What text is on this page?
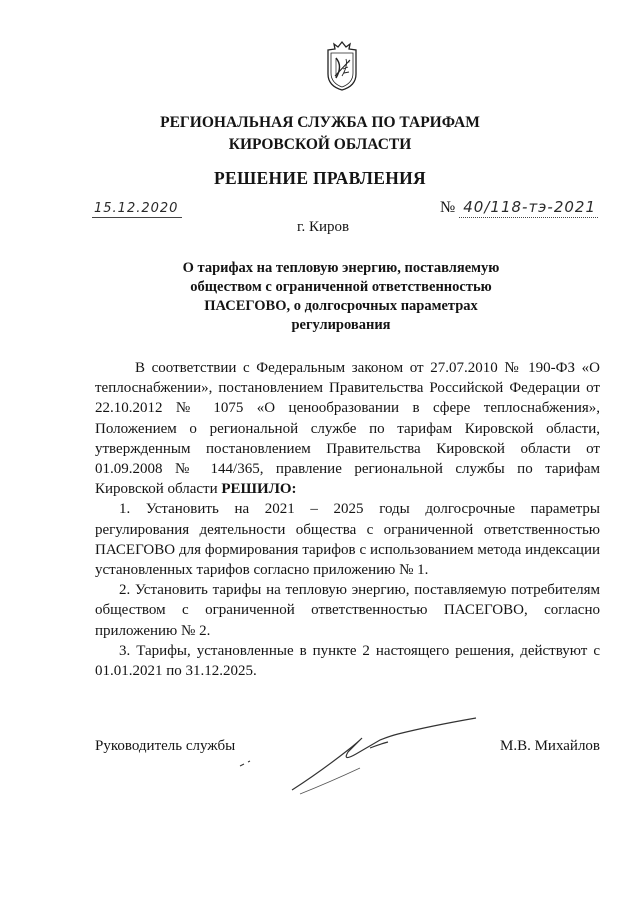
РЕГИОНАЛЬНАЯ СЛУЖБА ПО ТАРИФАМ
КИРОВСКОЙ ОБЛАСТИ
РЕШЕНИЕ ПРАВЛЕНИЯ
15.12.2020	№ 40/118-тэ-2021
г. Киров
О тарифах на тепловую энергию, поставляемую
обществом с ограниченной ответственностью
ПАСЕГОВО, о долгосрочных параметрах
регулирования

В соответствии с Федеральным законом от 27.07.2010 № 190-ФЗ «О теплоснабжении», постановлением Правительства Российской Федерации от 22.10.2012 № 1075 «О ценообразовании в сфере теплоснабжения», Положением о региональной службе по тарифам Кировской области, утвержденным постановлением Правительства Кировской области от 01.09.2008 № 144/365, правление региональной службы по тарифам Кировской области РЕШИЛО:

1. Установить на 2021 – 2025 годы долгосрочные параметры регулирования деятельности общества с ограниченной ответственностью ПАСЕГОВО для формирования тарифов с использованием метода индексации установленных тарифов согласно приложению № 1.

2. Установить тарифы на тепловую энергию, поставляемую потребителям обществом с ограниченной ответственностью ПАСЕГОВО, согласно приложению № 2.

3. Тарифы, установленные в пункте 2 настоящего решения, действуют с 01.01.2021 по 31.12.2025.

Руководитель службы	М.В. Михайлов
